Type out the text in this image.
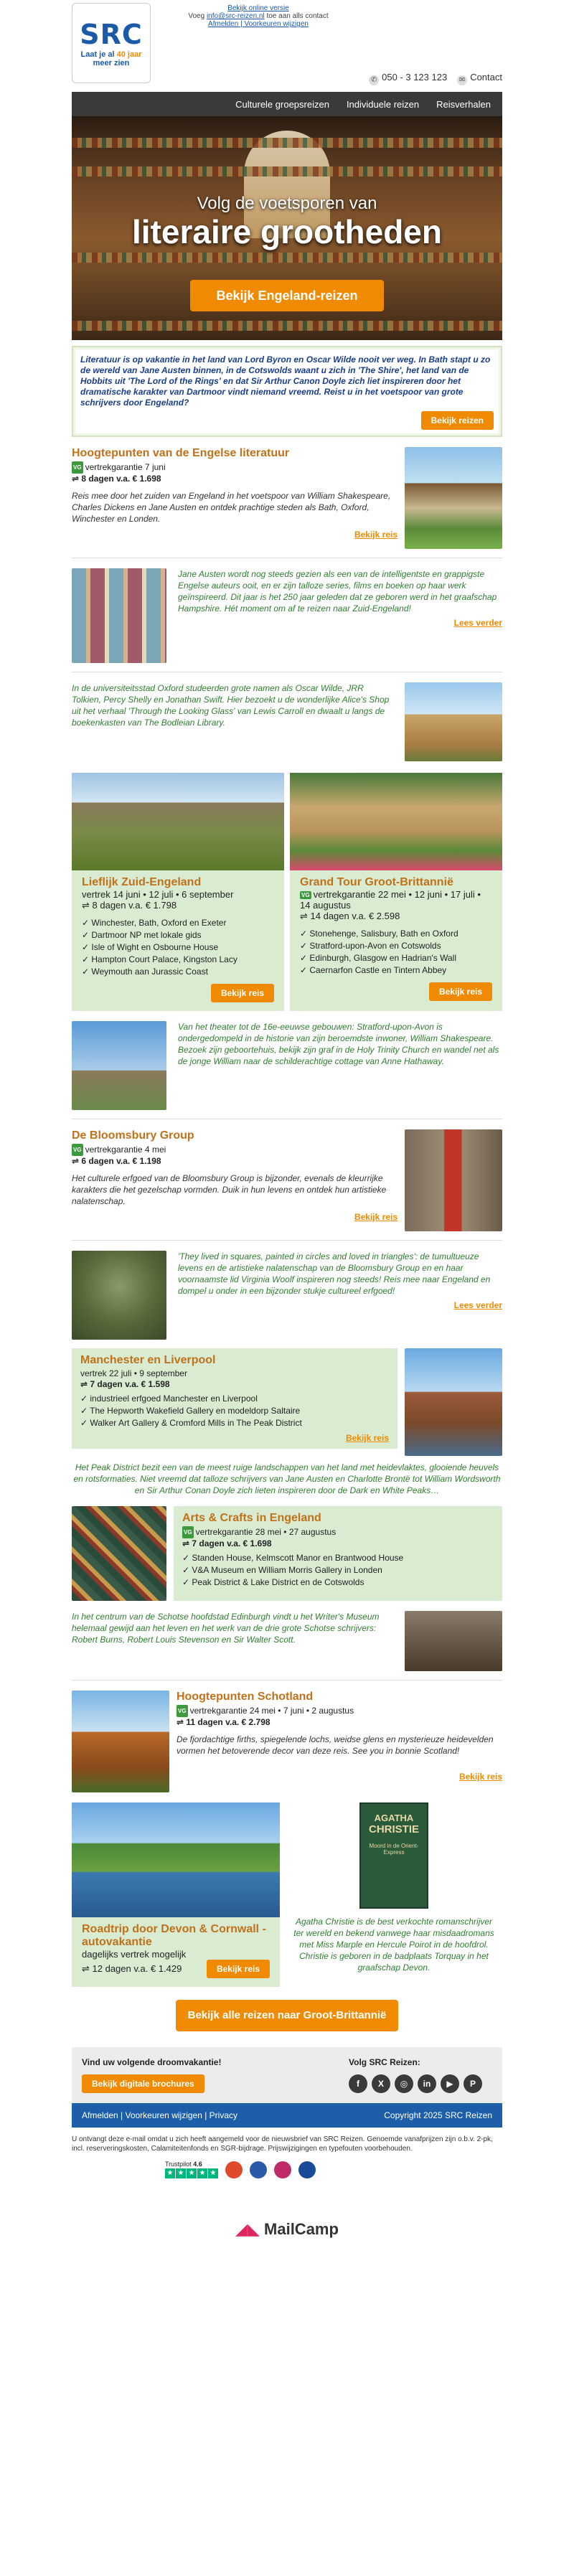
SRC
Laat je al 40 jaar
meer zien
Bekijk online versie
Voeg info@src-reizen.nl toe aan alls contact
Afmelden | Voorkeuren wijzigen
✆ 050 - 3 123 123 ✉ Contact
Culturele groepsreizen Individuele reizen Reisverhalen
Volg de voetsporen van
literaire grootheden
Bekijk Engeland-reizen

Literatuur is op vakantie in het land van Lord Byron en Oscar Wilde nooit ver weg. In Bath stapt u zo de wereld van Jane Austen binnen, in de Cotswolds waant u zich in 'The Shire', het land van de Hobbits uit 'The Lord of the Rings' en dat Sir Arthur Canon Doyle zich liet inspireren door het dramatische karakter van Dartmoor vindt niemand vreemd. Reist u in het voetspoor van grote schrijvers door Engeland?

Bekijk reizen
Hoogtepunten van de Engelse literatuur
VG vertrekgarantie 7 juni
⇌ 8 dagen v.a. € 1.698
Reis mee door het zuiden van Engeland in het voetspoor van William Shakespeare, Charles Dickens en Jane Austen en ontdek prachtige steden als Bath, Oxford, Winchester en Londen.
Bekijk reis
Jane Austen wordt nog steeds gezien als een van de intelligentste en grappigste Engelse auteurs ooit, en er zijn talloze series, films en boeken op haar werk geïnspireerd. Dit jaar is het 250 jaar geleden dat ze geboren werd in het graafschap Hampshire. Hét moment om af te reizen naar Zuid-Engeland!
Lees verder
In de universiteitsstad Oxford studeerden grote namen als Oscar Wilde, JRR Tolkien, Percy Shelly en Jonathan Swift. Hier bezoekt u de wonderlijke Alice's Shop uit het verhaal 'Through the Looking Glass' van Lewis Carroll en dwaalt u langs de boekenkasten van The Bodleian Library.
Lieflijk Zuid-Engeland
vertrek 14 juni • 12 juli • 6 september
⇌ 8 dagen v.a. € 1.798
✓ Winchester, Bath, Oxford en Exeter
✓ Dartmoor NP met lokale gids
✓ Isle of Wight en Osbourne House
✓ Hampton Court Palace, Kingston Lacy
✓ Weymouth aan Jurassic Coast
Bekijk reis
Grand Tour Groot-Brittannië
VG vertrekgarantie 22 mei • 12 juni • 17 juli • 14 augustus
⇌ 14 dagen v.a. € 2.598
✓ Stonehenge, Salisbury, Bath en Oxford
✓ Stratford-upon-Avon en Cotswolds
✓ Edinburgh, Glasgow en Hadrian's Wall
✓ Caernarfon Castle en Tintern Abbey
Bekijk reis
Van het theater tot de 16e-eeuwse gebouwen: Stratford-upon-Avon is ondergedompeld in de historie van zijn beroemdste inwoner, William Shakespeare. Bezoek zijn geboortehuis, bekijk zijn graf in de Holy Trinity Church en wandel net als de jonge William naar de schilderachtige cottage van Anne Hathaway.
De Bloomsbury Group
VG vertrekgarantie 4 mei
⇌ 6 dagen v.a. € 1.198
Het culturele erfgoed van de Bloomsbury Group is bijzonder, evenals de kleurrijke karakters die het gezelschap vormden. Duik in hun levens en ontdek hun artistieke nalatenschap.
Bekijk reis
'They lived in squares, painted in circles and loved in triangles': de tumultueuze levens en de artistieke nalatenschap van de Bloomsbury Group en en haar voornaamste lid Virginia Woolf inspireren nog steeds! Reis mee naar Engeland en dompel u onder in een bijzonder stukje cultureel erfgoed!
Lees verder
Manchester en Liverpool
vertrek 22 juli • 9 september
⇌ 7 dagen v.a. € 1.598
✓ industrieel erfgoed Manchester en Liverpool
✓ The Hepworth Wakefield Gallery en modeldorp Saltaire
✓ Walker Art Gallery & Cromford Mills in The Peak District
Bekijk reis
Het Peak District bezit een van de meest ruige landschappen van het land met heidevlaktes, glooiende heuvels en rotsformaties. Niet vreemd dat talloze schrijvers van Jane Austen en Charlotte Brontë tot William Wordsworth en Sir Arthur Conan Doyle zich lieten inspireren door de Dark en White Peaks…
Arts & Crafts in Engeland
VG vertrekgarantie 28 mei • 27 augustus
⇌ 7 dagen v.a. € 1.698
✓ Standen House, Kelmscott Manor en Brantwood House
✓ V&A Museum en William Morris Gallery in Londen
✓ Peak District & Lake District en de Cotswolds
In het centrum van de Schotse hoofdstad Edinburgh vindt u het Writer's Museum helemaal gewijd aan het leven en het werk van de drie grote Schotse schrijvers: Robert Burns, Robert Louis Stevenson en Sir Walter Scott.
Hoogtepunten Schotland
VG vertrekgarantie 24 mei • 7 juni • 2 augustus
⇌ 11 dagen v.a. € 2.798
De fjordachtige firths, spiegelende lochs, weidse glens en mysterieuze heidevelden vormen het betoverende decor van deze reis. See you in bonnie Scotland!
Bekijk reis
Roadtrip door Devon & Cornwall - autovakantie
dagelijks vertrek mogelijk
⇌ 12 dagen v.a. € 1.429	Bekijk reis
AGATHA
CHRISTIE
Moord in de Orient-Express
Agatha Christie is de best verkochte romanschrijver ter wereld en bekend vanwege haar misdaadromans met Miss Marple en Hercule Poirot in de hoofdrol. Christie is geboren in de badplaats Torquay in het graafschap Devon.
Bekijk alle reizen naar Groot-Brittannië
Vind uw volgende droomvakantie!
Bekijk digitale brochures
Volg SRC Reizen:
f	X	◎	in	▶	P
Afmelden | Voorkeuren wijzigen | Privacy	Copyright 2025 SRC Reizen
U ontvangt deze e-mail omdat u zich heeft aangemeld voor de nieuwsbrief van SRC Reizen. Genoemde vanafprijzen zijn o.b.v. 2-pk, incl. reserveringskosten, Calamiteitenfonds en SGR-bijdrage. Prijswijzigingen en typefouten voorbehouden.
Trustpilot 4.6
★ ★ ★ ★ ★
◢◣ MailCamp
